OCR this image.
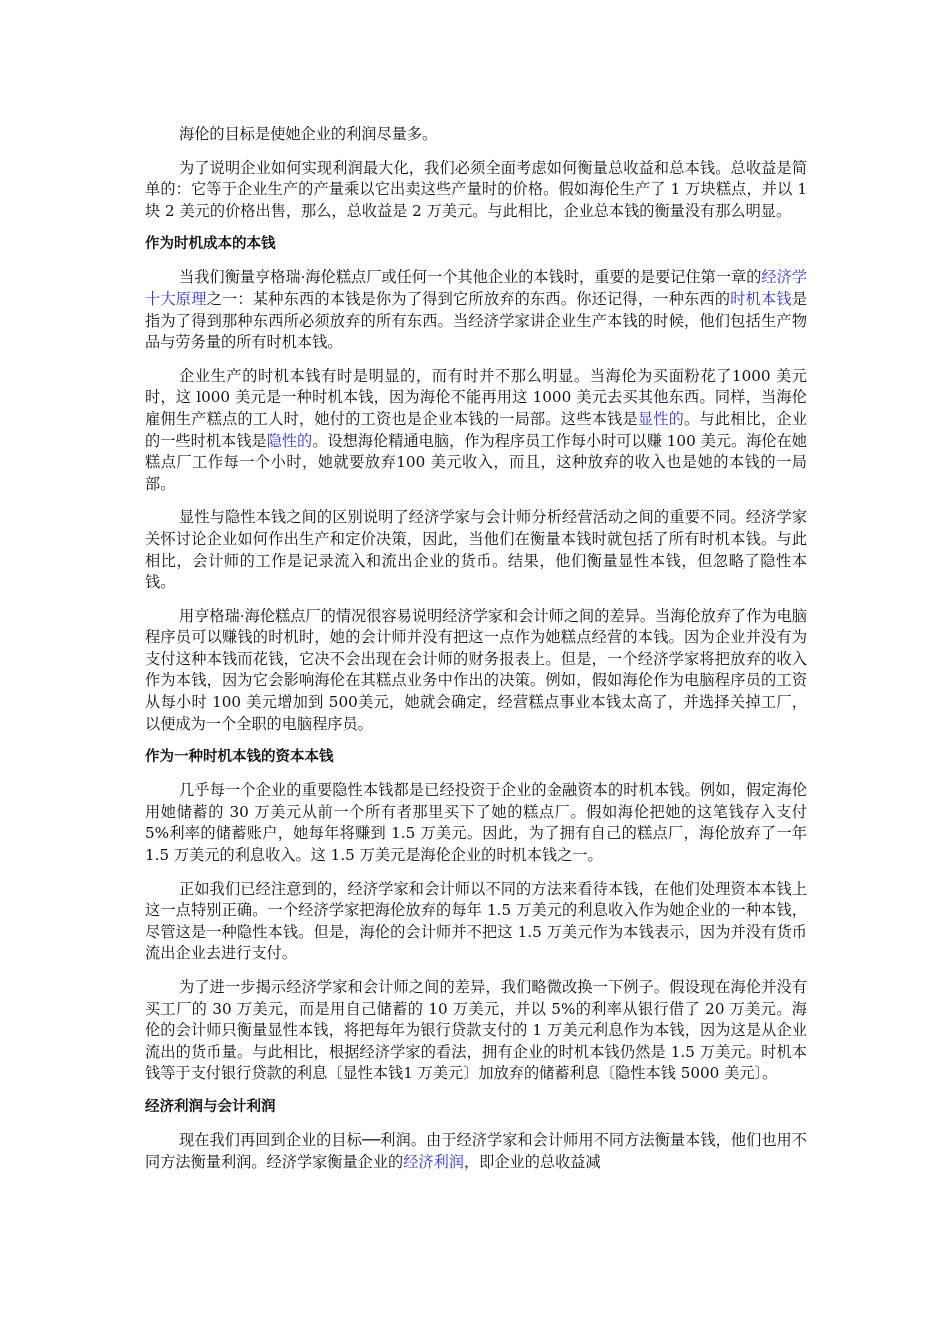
海伦的目标是使她企业的利润尽量多。

为了说明企业如何实现利润最大化，我们必须全面考虑如何衡量总收益和总本钱。总收益是简单的：它等于企业生产的产量乘以它出卖这些产量时的价格。假如海伦生产了 1 万块糕点，并以 1 块 2 美元的价格出售，那么，总收益是 2 万美元。与此相比，企业总本钱的衡量没有那么明显。

作为时机成本的本钱

当我们衡量亨格瑞·海伦糕点厂或任何一个其他企业的本钱时，重要的是要记住第一章的经济学十大原理之一：某种东西的本钱是你为了得到它所放弃的东西。你还记得，一种东西的时机本钱是指为了得到那种东西所必须放弃的所有东西。当经济学家讲企业生产本钱的时候，他们包括生产物品与劳务量的所有时机本钱。

企业生产的时机本钱有时是明显的，而有时并不那么明显。当海伦为买面粉花了1000 美元时，这 l000 美元是一种时机本钱，因为海伦不能再用这 1000 美元去买其他东西。同样，当海伦雇佣生产糕点的工人时，她付的工资也是企业本钱的一局部。这些本钱是显性的。与此相比，企业的一些时机本钱是隐性的。设想海伦精通电脑，作为程序员工作每小时可以赚 100 美元。海伦在她糕点厂工作每一个小时，她就要放弃100 美元收入，而且，这种放弃的收入也是她的本钱的一局部。

显性与隐性本钱之间的区别说明了经济学家与会计师分析经营活动之间的重要不同。经济学家关怀讨论企业如何作出生产和定价决策，因此，当他们在衡量本钱时就包括了所有时机本钱。与此相比，会计师的工作是记录流入和流出企业的货币。结果，他们衡量显性本钱，但忽略了隐性本钱。

用亨格瑞·海伦糕点厂的情况很容易说明经济学家和会计师之间的差异。当海伦放弃了作为电脑程序员可以赚钱的时机时，她的会计师并没有把这一点作为她糕点经营的本钱。因为企业并没有为支付这种本钱而花钱，它决不会出现在会计师的财务报表上。但是，一个经济学家将把放弃的收入作为本钱，因为它会影响海伦在其糕点业务中作出的决策。例如，假如海伦作为电脑程序员的工资从每小时 100 美元增加到 500美元，她就会确定，经营糕点事业本钱太高了，并选择关掉工厂，以便成为一个全职的电脑程序员。

作为一种时机本钱的资本本钱

几乎每一个企业的重要隐性本钱都是已经投资于企业的金融资本的时机本钱。例如，假定海伦用她储蓄的 30 万美元从前一个所有者那里买下了她的糕点厂。假如海伦把她的这笔钱存入支付 5%利率的储蓄账户，她每年将赚到 1.5 万美元。因此，为了拥有自己的糕点厂，海伦放弃了一年 1.5 万美元的利息收入。这 1.5 万美元是海伦企业的时机本钱之一。

正如我们已经注意到的，经济学家和会计师以不同的方法来看待本钱，在他们处理资本本钱上这一点特别正确。一个经济学家把海伦放弃的每年 1.5 万美元的利息收入作为她企业的一种本钱，尽管这是一种隐性本钱。但是，海伦的会计师并不把这 1.5 万美元作为本钱表示，因为并没有货币流出企业去进行支付。

为了进一步揭示经济学家和会计师之间的差异，我们略微改换一下例子。假设现在海伦并没有买工厂的 30 万美元，而是用自己储蓄的 10 万美元，并以 5%的利率从银行借了 20 万美元。海伦的会计师只衡量显性本钱，将把每年为银行贷款支付的 1 万美元利息作为本钱，因为这是从企业流出的货币量。与此相比，根据经济学家的看法，拥有企业的时机本钱仍然是 1.5 万美元。时机本钱等于支付银行贷款的利息〔显性本钱1 万美元〕加放弃的储蓄利息〔隐性本钱 5000 美元〕。

经济利润与会计利润

现在我们再回到企业的目标──利润。由于经济学家和会计师用不同方法衡量本钱，他们也用不同方法衡量利润。经济学家衡量企业的经济利润，即企业的总收益减
